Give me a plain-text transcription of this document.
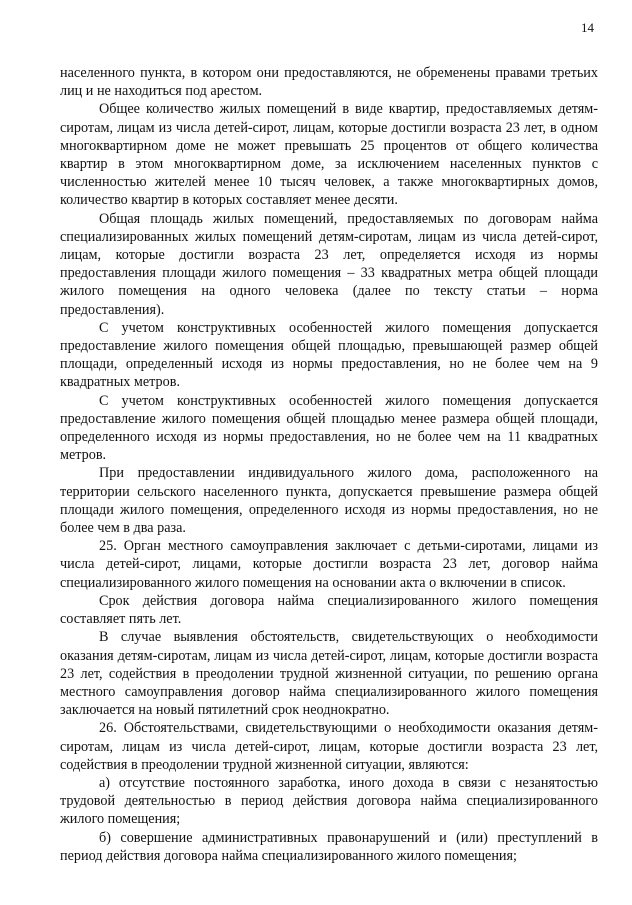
14

населенного пункта, в котором они предоставляются, не обременены правами третьих лиц и не находиться под арестом.

Общее количество жилых помещений в виде квартир, предоставляемых детям-сиротам, лицам из числа детей-сирот, лицам, которые достигли возраста 23 лет, в одном многоквартирном доме не может превышать 25 процентов от общего количества квартир в этом многоквартирном доме, за исключением населенных пунктов с численностью жителей менее 10 тысяч человек, а также многоквартирных домов, количество квартир в которых составляет менее десяти.

Общая площадь жилых помещений, предоставляемых по договорам найма специализированных жилых помещений детям-сиротам, лицам из числа детей-сирот, лицам, которые достигли возраста 23 лет, определяется исходя из нормы предоставления площади жилого помещения – 33 квадратных метра общей площади жилого помещения на одного человека (далее по тексту статьи – норма предоставления).

С учетом конструктивных особенностей жилого помещения допускается предоставление жилого помещения общей площадью, превышающей размер общей площади, определенный исходя из нормы предоставления, но не более чем на 9 квадратных метров.

С учетом конструктивных особенностей жилого помещения допускается предоставление жилого помещения общей площадью менее размера общей площади, определенного исходя из нормы предоставления, но не более чем на 11 квадратных метров.

При предоставлении индивидуального жилого дома, расположенного на территории сельского населенного пункта, допускается превышение размера общей площади жилого помещения, определенного исходя из нормы предоставления, но не более чем в два раза.

25. Орган местного самоуправления заключает с детьми-сиротами, лицами из числа детей-сирот, лицами, которые достигли возраста 23 лет, договор найма специализированного жилого помещения на основании акта о включении в список.

Срок действия договора найма специализированного жилого помещения составляет пять лет.

В случае выявления обстоятельств, свидетельствующих о необходимости оказания детям-сиротам, лицам из числа детей-сирот, лицам, которые достигли возраста 23 лет, содействия в преодолении трудной жизненной ситуации, по решению органа местного самоуправления договор найма специализированного жилого помещения заключается на новый пятилетний срок неоднократно.

26. Обстоятельствами, свидетельствующими о необходимости оказания детям-сиротам, лицам из числа детей-сирот, лицам, которые достигли возраста 23 лет, содействия в преодолении трудной жизненной ситуации, являются:

а) отсутствие постоянного заработка, иного дохода в связи с незанятостью трудовой деятельностью в период действия договора найма специализированного жилого помещения;

б) совершение административных правонарушений и (или) преступлений в период действия договора найма специализированного жилого помещения;
